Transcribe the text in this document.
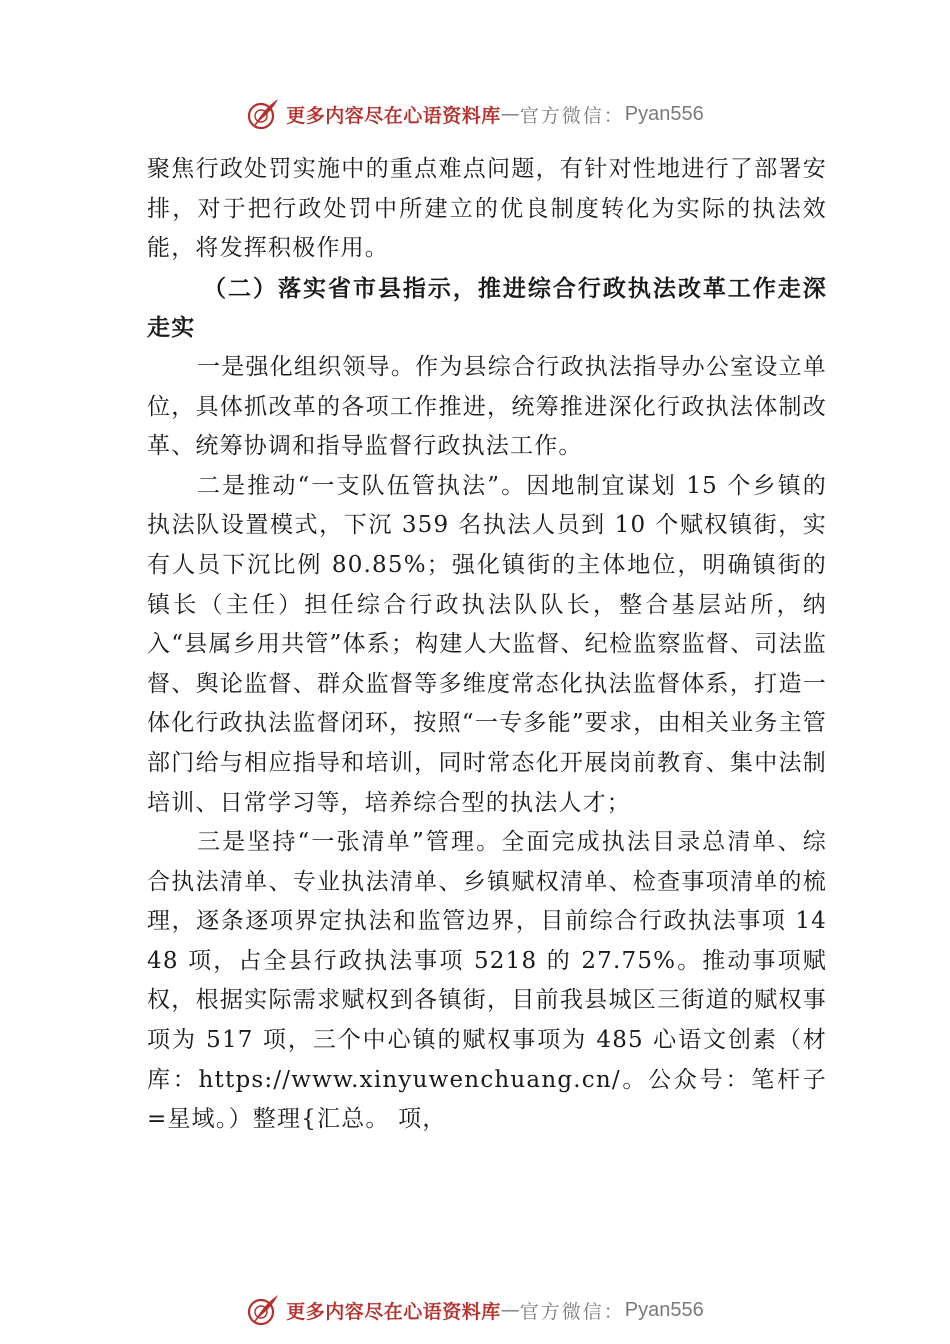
更多内容尽在心语资料库 — 官方微信： Pyan556

聚焦行政处罚实施中的重点难点问题，有针对性地进行了部署安排，对于把行政处罚中所建立的优良制度转化为实际的执法效能，将发挥积极作用。

（二）落实省市县指示，推进综合行政执法改革工作走深走实

一是强化组织领导。作为县综合行政执法指导办公室设立单位，具体抓改革的各项工作推进，统筹推进深化行政执法体制改革、统筹协调和指导监督行政执法工作。

二是推动“一支队伍管执法”。因地制宜谋划 15 个乡镇的执法队设置模式，下沉 359 名执法人员到 10 个赋权镇街，实有人员下沉比例 80.85%；强化镇街的主体地位，明确镇街的镇长（主任）担任综合行政执法队队长，整合基层站所，纳入“县属乡用共管”体系；构建人大监督、纪检监察监督、司法监督、舆论监督、群众监督等多维度常态化执法监督体系，打造一体化行政执法监督闭环，按照“一专多能”要求，由相关业务主管部门给与相应指导和培训，同时常态化开展岗前教育、集中法制培训、日常学习等，培养综合型的执法人才；

三是坚持“一张清单”管理。全面完成执法目录总清单、综合执法清单、专业执法清单、乡镇赋权清单、检查事项清单的梳理，逐条逐项界定执法和监管边界，目前综合行政执法事项 1448 项，占全县行政执法事项 5218 的 27.75%。推动事项赋权，根据实际需求赋权到各镇街，目前我县城区三街道的赋权事项为 517 项，三个中心镇的赋权事项为 485 心语文创素（材库：https://www.xinyuwenchuang.cn/。公众号：笔杆子=星域。）整理{汇总。 项，

更多内容尽在心语资料库 — 官方微信： Pyan556
